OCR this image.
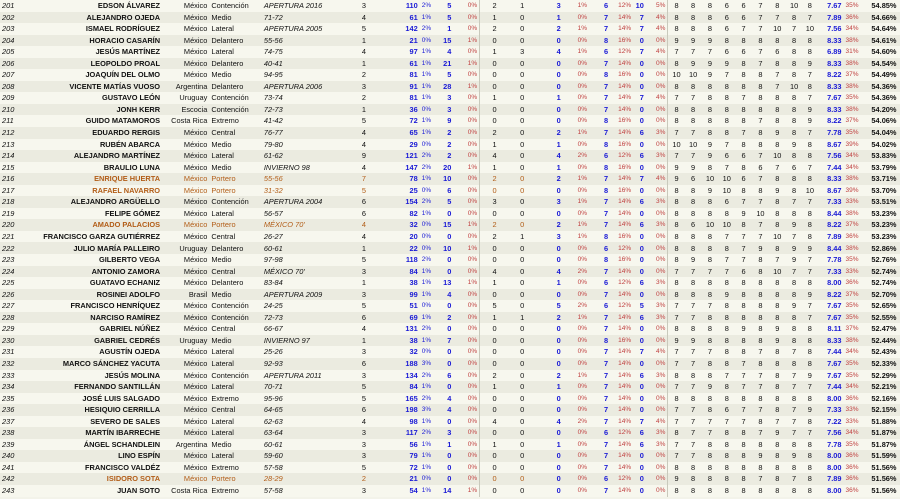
201	EDSON ÁLVAREZ	México	Contención	APERTURA 2016	3	110	2%	5	0%	2	1	3	1%	6	12%	10	5%	8	8	8	6	6	7	8	10	8	7.67	35%	54.85%
202	ALEJANDRO OJEDA	México	Medio	71-72	4	61	1%	5	0%	1	0	1	0%	7	14%	7	4%	8	8	8	6	6	7	7	8	7	7.89	36%	54.66%
203	ISMAEL RODRÍGUEZ	México	Lateral	APERTURA 2005	5	142	2%	1	0%	2	0	2	1%	7	14%	7	4%	8	8	8	6	7	7	10	7	10	7.56	34%	54.64%
204	HORACIO CASARÍN	México	Delantero	55-56	1	21	0%	15	1%	0	0	0	0%	8	16%	0	0%	9	9	9	8	8	8	8	8	8	8.33	38%	54.61%
205	JESÚS MARTÍNEZ	México	Lateral	74-75	4	97	1%	4	0%	1	3	4	1%	6	12%	7	4%	7	7	7	6	6	7	6	8	8	6.89	31%	54.60%
206	LEOPOLDO PROAL	México	Delantero	40-41	1	61	1%	21	1%	0	0	0	0%	7	14%	0	0%	8	9	9	9	8	7	8	8	9	8.33	38%	54.54%
207	JOAQUÍN DEL OLMO	México	Medio	94-95	2	81	1%	5	0%	0	0	0	0%	8	16%	0	0%	10	10	9	7	8	8	7	8	7	8.22	37%	54.49%
208	VICENTE MATÍAS VUOSO	Argentina	Delantero	APERTURA 2006	3	91	1%	28	1%	0	0	0	0%	7	14%	0	0%	8	8	8	8	8	8	7	10	8	8.33	38%	54.36%
209	GUSTAVO LEÓN	Uruguay	Contención	73-74	2	81	1%	3	0%	1	0	1	0%	7	14%	7	4%	7	7	8	8	7	8	8	8	7	7.67	35%	54.36%
210	JONH KERR	Escocia	Contención	72-73	1	36	0%	3	0%	0	0	0	0%	7	14%	0	0%	8	8	8	8	8	8	8	8	9	8.33	38%	54.20%
211	GUIDO MATAMOROS	Costa Rica	Extremo	41-42	5	72	1%	9	0%	0	0	0	0%	8	16%	0	0%	8	8	8	8	8	7	8	8	9	8.22	37%	54.06%
212	EDUARDO RERGIS	México	Central	76-77	4	65	1%	2	0%	2	0	2	1%	7	14%	6	3%	7	7	8	8	7	8	9	8	7	7.78	35%	54.04%
213	RUBÉN ABARCA	México	Medio	79-80	4	29	0%	2	0%	1	0	1	0%	8	16%	0	0%	10	10	9	7	8	8	8	9	8	8.67	39%	54.02%
214	ALEJANDRO MARTÍNEZ	México	Lateral	61-62	9	121	2%	2	0%	4	0	4	2%	6	12%	6	3%	7	7	9	6	6	7	10	8	8	7.56	34%	53.83%
215	BRAULIO LUNA	México	Medio	INVIERNO 98	4	147	2%	20	1%	1	0	1	0%	8	16%	0	0%	9	9	8	7	8	6	7	6	7	7.44	34%	53.79%
216	ENRIQUE HUERTA	México	Portero	55-56	7	78	1%	10	0%	2	0	2	1%	7	14%	7	4%	9	6	10	10	6	7	8	8	8	8.33	38%	53.71%
217	RAFAEL NAVARRO	México	Portero	31-32	5	25	0%	6	0%	0	0	0	0%	8	16%	0	0%	8	8	9	10	8	8	9	8	10	8.67	39%	53.70%
218	ALEJANDRO ARGÜELLO	México	Contención	APERTURA 2004	6	154	2%	5	0%	3	0	3	1%	7	14%	6	3%	8	8	8	6	7	7	8	7	7	7.33	33%	53.51%
219	FELIPE GÓMEZ	México	Lateral	56-57	6	82	1%	0	0%	0	0	0	0%	7	14%	0	0%	8	8	8	8	9	10	8	8	8	8.44	38%	53.23%
220	AMADO PALACIOS	México	Portero	MÉXICO 70'	4	32	0%	15	1%	2	0	2	1%	7	14%	6	3%	8	6	10	10	8	7	8	9	8	8.22	37%	53.23%
221	FRANCISCO GARZA GUTIÉRREZ	México	Central	26-27	4	20	0%	0	0%	2	1	3	1%	8	16%	0	0%	8	8	8	7	7	7	10	7	8	7.89	36%	53.23%
222	JULIO MARÍA PALLEIRO	Uruguay	Delantero	60-61	1	22	0%	10	1%	0	0	0	0%	6	12%	0	0%	8	8	8	8	7	9	8	9	9	8.44	38%	52.86%
223	GILBERTO VEGA	México	Medio	97-98	5	118	2%	0	0%	0	0	0	0%	8	16%	0	0%	8	9	8	7	7	8	7	9	7	7.78	35%	52.76%
224	ANTONIO ZAMORA	México	Central	MÉXICO 70'	3	84	1%	0	0%	4	0	4	2%	7	14%	0	0%	7	7	7	7	6	8	10	7	7	7.33	33%	52.74%
225	GUATAVO ECHANIZ	México	Delantero	83-84	1	38	1%	13	1%	1	0	1	0%	6	12%	6	3%	8	8	8	8	8	8	8	8	8	8.00	36%	52.74%
226	ROSINEI ADOLFO	Brasil	Medio	APERTURA 2009	3	99	1%	4	0%	0	0	0	0%	7	14%	0	0%	8	8	8	9	8	8	8	8	9	8.22	37%	52.70%
227	FRANCISCO HENRÍQUEZ	México	Contención	24-25	5	51	0%	0	0%	5	0	5	2%	6	12%	5	3%	7	7	7	8	8	8	8	9	7	7.67	35%	52.65%
228	NARCISO RAMÍREZ	México	Contención	72-73	6	69	1%	2	0%	1	1	2	1%	7	14%	6	3%	7	7	8	8	8	8	8	8	7	7.67	35%	52.55%
229	GABRIEL NÚÑEZ	México	Central	66-67	4	131	2%	0	0%	0	0	0	0%	7	14%	0	0%	8	8	8	8	9	8	9	8	8	8.11	37%	52.47%
230	GABRIEL CEDRÉS	Uruguay	Medio	INVIERNO 97	1	38	1%	7	0%	0	0	0	0%	8	16%	0	0%	9	9	8	8	8	8	9	8	8	8.33	38%	52.44%
231	AGUSTÍN OJEDA	México	Lateral	25-26	3	32	0%	0	0%	0	0	0	0%	7	14%	7	4%	7	7	7	8	8	7	8	7	8	7.44	34%	52.43%
232	MARCO SÁNCHEZ YACUTA	México	Lateral	92-93	6	188	3%	0	0%	0	0	0	0%	7	14%	0	0%	7	7	8	8	7	8	8	8	8	7.67	35%	52.33%
233	JESÚS MOLINA	México	Contención	APERTURA 2011	3	134	2%	6	0%	2	0	2	1%	7	14%	6	3%	8	8	8	7	7	7	8	7	9	7.67	35%	52.29%
234	FERNANDO SANTILLÁN	México	Lateral	70-71	5	84	1%	0	0%	1	0	1	0%	7	14%	0	0%	7	7	9	8	7	7	8	7	7	7.44	34%	52.21%
235	JOSÉ LUIS SALGADO	México	Extremo	95-96	5	165	2%	4	0%	0	0	0	0%	7	14%	0	0%	8	8	8	8	8	8	8	8	8	8.00	36%	52.16%
236	HESIQUIO CERRILLA	México	Central	64-65	6	198	3%	4	0%	0	0	0	0%	7	14%	0	0%	7	7	8	6	7	7	8	7	9	7.33	33%	52.15%
237	SEVERO DE SALES	México	Lateral	62-63	4	98	1%	0	0%	4	0	4	2%	7	14%	7	4%	7	7	7	7	7	8	7	7	8	7.22	33%	51.88%
238	MARTÍN IBARRECHE	México	Lateral	63-64	3	117	2%	3	0%	0	0	0	0%	6	12%	6	3%	8	7	7	8	8	7	9	7	7	7.56	34%	51.87%
239	ÁNGEL SCHANDLEIN	Argentina	Medio	60-61	3	56	1%	1	0%	1	0	1	0%	7	14%	6	3%	7	7	8	8	8	8	8	8	8	7.78	35%	51.87%
240	LINO ESPÍN	México	Lateral	59-60	3	79	1%	0	0%	0	0	0	0%	7	14%	0	0%	7	7	8	8	8	9	8	9	8	8.00	36%	51.59%
241	FRANCISCO VALDÉZ	México	Extremo	57-58	5	72	1%	0	0%	0	0	0	0%	7	14%	0	0%	8	8	8	8	8	8	8	8	8	8.00	36%	51.56%
242	ISIDORO SOTA	México	Portero	28-29	2	21	0%	0	0%	0	0	0	0%	6	12%	0	0%	9	8	8	8	8	7	8	7	8	7.89	36%	51.56%
243	JUAN SOTO	Costa Rica	Extremo	57-58	3	54	1%	14	1%	0	0	0	0%	7	14%	0	0%	8	8	8	8	8	8	8	8	8	8.00	36%	51.56%
